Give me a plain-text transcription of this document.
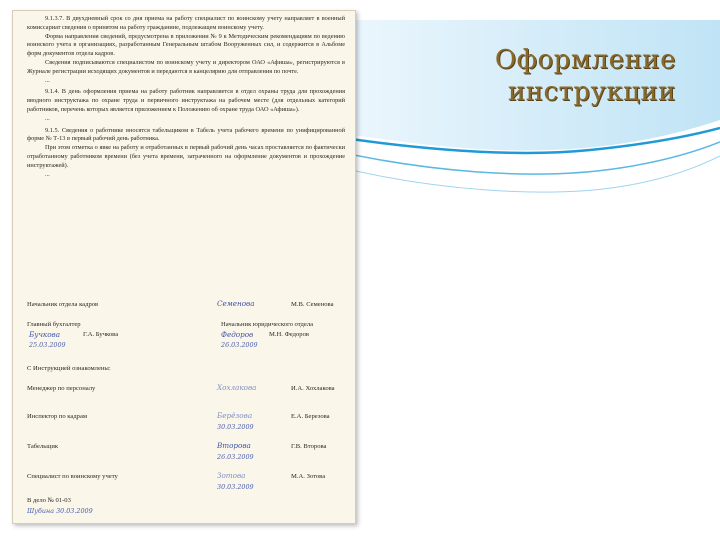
Оформление
инструкции

9.1.3.7. В двухдневный срок со дня приема на работу специалист по воинскому учету направляет в военный комиссариат сведения о принятом на работу гражданине, подлежащем воинскому учету.

Форма направления сведений, предусмотрена в приложении № 9 к Методическим рекомендациям по ведению воинского учета в организациях, разработанным Генеральным штабом Вооруженных сил, и содержится в Альбоме форм документов отдела кадров.

Сведения подписываются специалистом по воинскому учету и директором ОАО «Афиша», регистрируются в Журнале регистрации исходящих документов и передаются в канцелярию для отправления по почте.

...

9.1.4. В день оформления приема на работу работник направляется в отдел охраны труда для прохождения вводного инструктажа по охране труда и первичного инструктажа на рабочем месте (для отдельных категорий работников, перечень которых является приложением к Положению об охране труда ОАО «Афиша»).

...

9.1.5. Сведения о работнике вносятся табельщиком в Табель учета рабочего времени по унифицированной форме № Т-13 в первый рабочий день работника.

При этом отметка о явке на работу и отработанных в первый рабочий день часах проставляется по фактически отработанному работником времени (без учета времени, затраченного на оформление документов и прохождение инструктажей).

...

Начальник отдела кадров	Семенова	М.В. Семенова
Главный бухгалтер	Начальник юридического отдела
Бучкова	Г.А. Бучкова	Федоров М.Н. Федоров
25.03.2009	26.03.2009
С Инструкцией ознакомлены:
Менеджер по персоналу	Хохлакова	И.А. Хохлакова
Инспектор по кадрам	Берёзова	Е.А. Березова
30.03.2009
Табельщик	Второва	Г.В. Второва
26.03.2009
Специалист по воинскому учету	Зотова	М.А. Зотова
30.03.2009
В дело № 01-03
Шубина 30.03.2009
